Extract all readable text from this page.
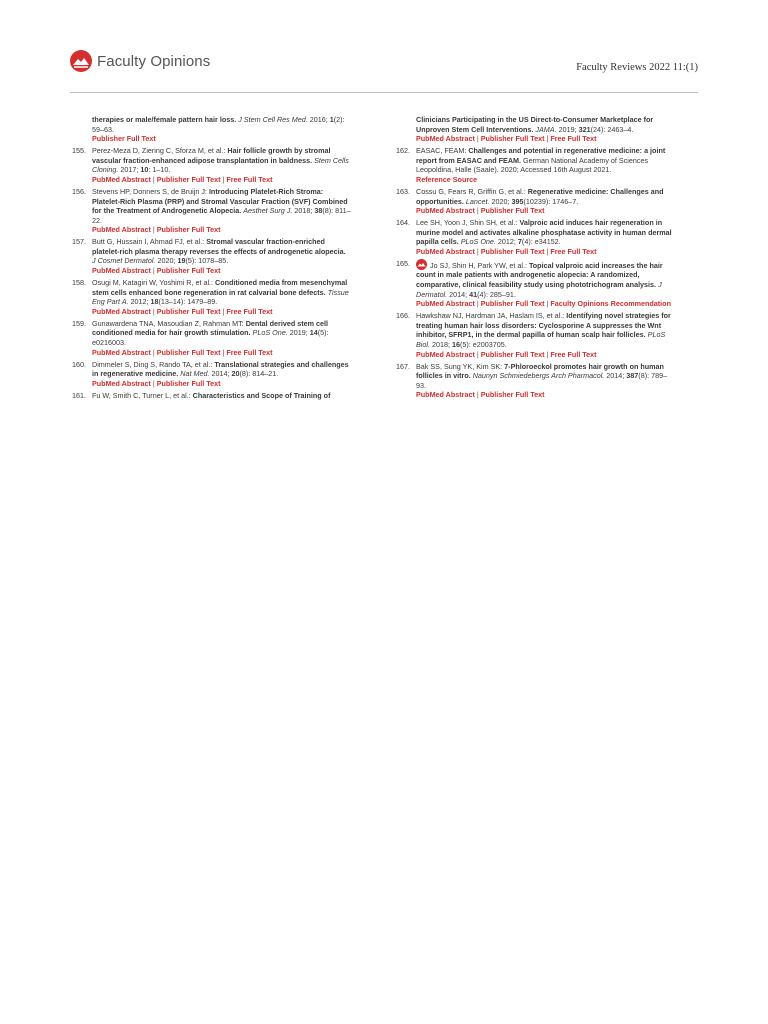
Faculty Opinions	Faculty Reviews 2022 11:(1)
therapies or male/female pattern hair loss. J Stem Cell Res Med. 2016; 1(2): 59–63.
Publisher Full Text
155. Perez-Meza D, Ziering C, Sforza M, et al.: Hair follicle growth by stromal vascular fraction-enhanced adipose transplantation in baldness. Stem Cells Cloning. 2017; 10: 1–10.
PubMed Abstract | Publisher Full Text | Free Full Text
156. Stevens HP, Donners S, de Bruijn J: Introducing Platelet-Rich Stroma: Platelet-Rich Plasma (PRP) and Stromal Vascular Fraction (SVF) Combined for the Treatment of Androgenetic Alopecia. Aesthet Surg J. 2018; 38(8): 811–22.
PubMed Abstract | Publisher Full Text
157. Butt G, Hussain I, Ahmad FJ, et al.: Stromal vascular fraction-enriched platelet-rich plasma therapy reverses the effects of androgenetic alopecia. J Cosmet Dermatol. 2020; 19(5): 1078–85.
PubMed Abstract | Publisher Full Text
158. Osugi M, Katagiri W, Yoshimi R, et al.: Conditioned media from mesenchymal stem cells enhanced bone regeneration in rat calvarial bone defects. Tissue Eng Part A. 2012; 18(13–14): 1479–89.
PubMed Abstract | Publisher Full Text | Free Full Text
159. Gunawardena TNA, Masoudian Z, Rahman MT: Dental derived stem cell conditioned media for hair growth stimulation. PLoS One. 2019; 14(5): e0216003.
PubMed Abstract | Publisher Full Text | Free Full Text
160. Dimmeler S, Ding S, Rando TA, et al.: Translational strategies and challenges in regenerative medicine. Nat Med. 2014; 20(8): 814–21.
PubMed Abstract | Publisher Full Text
161. Fu W, Smith C, Turner L, et al.: Characteristics and Scope of Training of
Clinicians Participating in the US Direct-to-Consumer Marketplace for Unproven Stem Cell Interventions. JAMA. 2019; 321(24): 2463–4.
PubMed Abstract | Publisher Full Text | Free Full Text
162. EASAC, FEAM: Challenges and potential in regenerative medicine: a joint report from EASAC and FEAM. German National Academy of Sciences Leopoldina, Halle (Saale). 2020; Accessed 16th August 2021.
Reference Source
163. Cossu G, Fears R, Griffin G, et al.: Regenerative medicine: Challenges and opportunities. Lancet. 2020; 395(10239): 1746–7.
PubMed Abstract | Publisher Full Text
164. Lee SH, Yoon J, Shin SH, et al.: Valproic acid induces hair regeneration in murine model and activates alkaline phosphatase activity in human dermal papilla cells. PLoS One. 2012; 7(4): e34152.
PubMed Abstract | Publisher Full Text | Free Full Text
165.	Jo SJ, Shin H, Park YW, et al.: Topical valproic acid increases the hair count in male patients with androgenetic alopecia: A randomized, comparative, clinical feasibility study using phototrichogram analysis. J Dermatol. 2014; 41(4): 285–91.
PubMed Abstract | Publisher Full Text | Faculty Opinions Recommendation
166. Hawkshaw NJ, Hardman JA, Haslam IS, et al.: Identifying novel strategies for treating human hair loss disorders: Cyclosporine A suppresses the Wnt inhibitor, SFRP1, in the dermal papilla of human scalp hair follicles. PLoS Biol. 2018; 16(5): e2003705.
PubMed Abstract | Publisher Full Text | Free Full Text
167. Bak SS, Sung YK, Kim SK: 7-Phloroeckol promotes hair growth on human follicles in vitro. Naunyn Schmiedebergs Arch Pharmacol. 2014; 387(8): 789–93.
PubMed Abstract | Publisher Full Text
